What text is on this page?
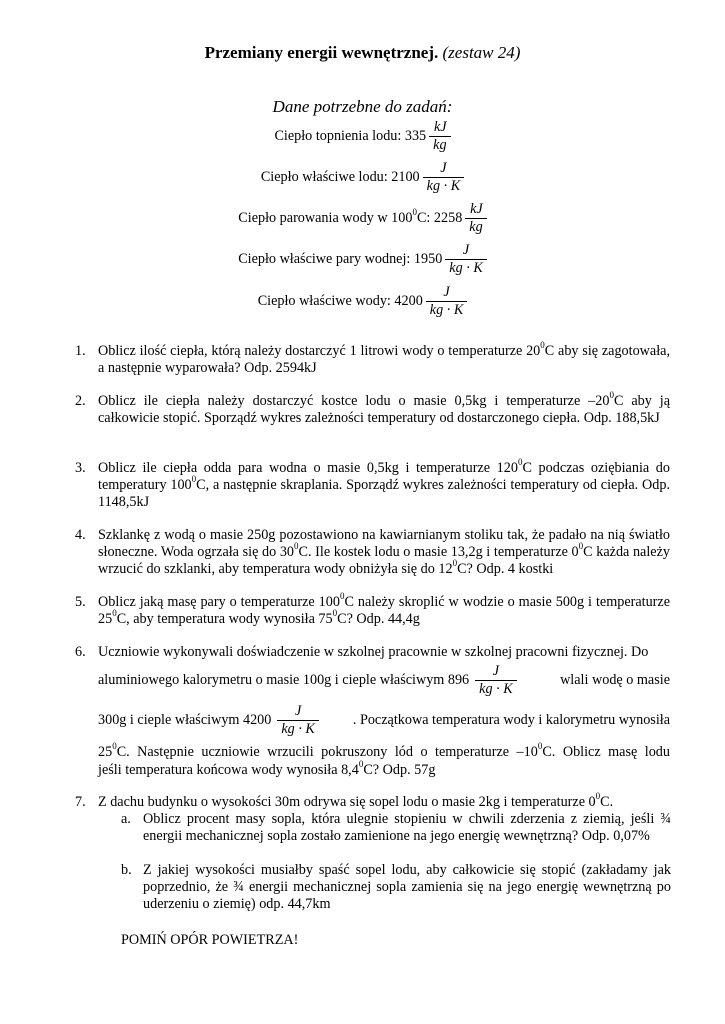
Przemiany energii wewnętrznej. (zestaw 24)
Dane potrzebne do zadań:
Ciepło topnienia lodu: $335 \frac{kJ}{kg}$
Ciepło właściwe lodu: $2100 \frac{J}{kg \cdot K}$
Ciepło parowania wody w $100^0C$: $2258 \frac{kJ}{kg}$
Ciepło właściwe pary wodnej: $1950 \frac{J}{kg \cdot K}$
Ciepło właściwe wody: $4200 \frac{J}{kg \cdot K}$
1. Oblicz ilość ciepła, którą należy dostarczyć 1 litrowi wody o temperaturze $20^0C$ aby się zagotowała, a następnie wyparowała? Odp. 2594kJ
2. Oblicz ile ciepła należy dostarczyć kostce lodu o masie 0,5kg i temperaturze $-20^0C$ aby ją całkowicie stopić. Sporządź wykres zależności temperatury od dostarczonego ciepła. Odp. 188,5kJ
3. Oblicz ile ciepła odda para wodna o masie 0,5kg i temperaturze $120^0C$ podczas oziębiania do temperatury $100^0C$, a następnie skraplania. Sporządź wykres zależności temperatury od ciepła. Odp. 1148,5kJ
4. Szklankę z wodą o masie 250g pozostawiono na kawiarnianym stoliku tak, że padało na nią światło słoneczne. Woda ogrzała się do $30^0C$. Ile kostek lodu o masie 13,2g i temperaturze $0^0C$ każda należy wrzucić do szklanki, aby temperatura wody obniżyła się do $12^0C$? Odp. 4 kostki
5. Oblicz jaką masę pary o temperaturze $100^0C$ należy skroplić w wodzie o masie 500g i temperaturze $25^0C$, aby temperatura wody wynosiła $75^0C$? Odp. 44,4g
6. Uczniowie wykonywali doświadczenie w szkolnej pracownie w szkolnej pracowni fizycznej. Do
aluminiowego kalorymetru o masie 100g i cieple właściwym $896 \frac{J}{kg \cdot K}$	wlali wodę o masie
300g i cieple właściwym $4200 \frac{J}{kg \cdot K}$ . Początkowa temperatura wody i kalorymetru wynosiła
$25^0C$. Następnie uczniowie wrzucili pokruszony lód o temperaturze $-10^0C$. Oblicz masę lodu
jeśli temperatura końcowa wody wynosiła $8,4^0C$? Odp. 57g
7. Z dachu budynku o wysokości 30m odrywa się sopel lodu o masie 2kg i temperaturze $0^0C$.
a. Oblicz procent masy sopla, która ulegnie stopieniu w chwili zderzenia z ziemią, jeśli ¾ energii mechanicznej sopla zostało zamienione na jego energię wewnętrzną? Odp. 0,07%
b. Z jakiej wysokości musiałby spaść sopel lodu, aby całkowicie się stopić (zakładamy jak poprzednio, że ¾ energii mechanicznej sopla zamienia się na jego energię wewnętrzną po uderzeniu o ziemię) odp. 44,7km
POMIŃ OPÓR POWIETRZA!
